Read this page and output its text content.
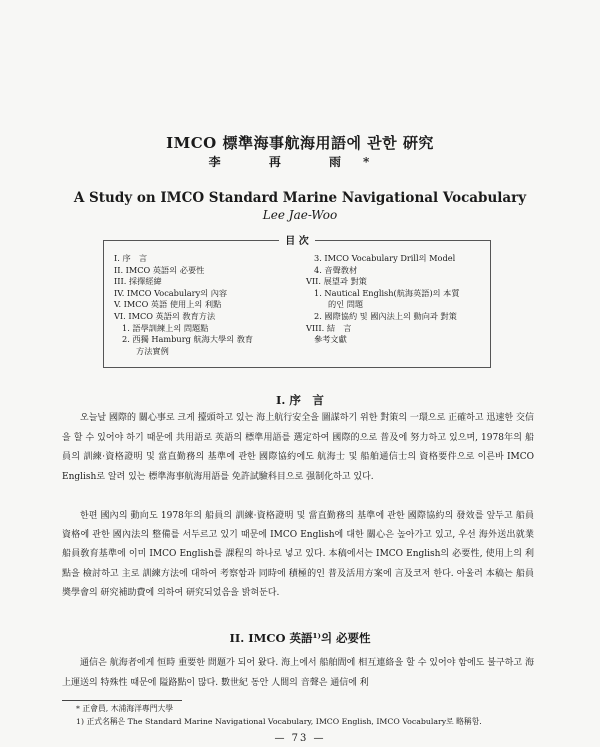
IMCO 標準海事航海用語에 관한 硏究
李 再 雨*
A Study on IMCO Standard Marine Navigational Vocabulary
Lee Jae-Woo
目 次
I. 序　言
II. IMCO 英語의 必要性
III. 採擇經緯
IV. IMCO Vocabulary의 內容
V. IMCO 英語 使用上의 利點
VI. IMCO 英語의 敎育方法
1. 語學訓練上의 問題點
2. 西獨 Hamburg 航海大學의 敎育
方法實例
3. IMCO Vocabulary Drill의 Model
4. 音聲敎材
VII. 展望과 對策
1. Nautical English(航海英語)의 本質
的인 問題
2. 國際協約 및 國內法上의 動向과 對策
VIII. 結　言
參考文獻
I. 序　言

오늘날 國際的 關心事로 크게 擡頭하고 있는 海上航行安全을 圖謀하기 위한 對策의 一環으로 正確하고 迅速한 交信을 할 수 있어야 하기 때문에 共用語로 英語의 標準用語를 選定하여 國際的으로 普及에 努力하고 있으며, 1978年의 船員의 訓練·資格證明 및 當直勤務의 基準에 관한 國際協約에도 航海士 및 船舶通信士의 資格要件으로 이른바 IMCO English로 알려 있는 標準海事航海用語를 免許試驗科目으로 强制化하고 있다.

한편 國內의 動向도 1978年의 船員의 訓練·資格證明 및 當直勤務의 基準에 관한 國際協約의 發效를 앞두고 船員資格에 관한 國內法의 整備를 서두르고 있기 때문에 IMCO English에 대한 關心은 높아가고 있고, 우선 海外送出就業 船員敎育基準에 이미 IMCO English를 課程의 하나로 넣고 있다. 本稿에서는 IMCO English의 必要性, 使用上의 利點을 檢討하고 主로 訓練方法에 대하여 考察함과 同時에 積極的인 普及活用方案에 言及코저 한다. 아울러 本稿는 船員奬學會의 研究補助費에 의하여 研究되었음을 밝혀둔다.

II. IMCO 英語¹⁾의 必要性

通信은 航海者에게 恒時 重要한 問題가 되어 왔다. 海上에서 船舶間에 相互連絡을 할 수 있어야 함에도 불구하고 海上運送의 特殊性 때문에 隘路點이 많다. 數世紀 동안 人間의 音聲은 通信에 利

* 正會員, 木浦海洋專門大學
1) 正式名稱은 The Standard Marine Navigational Vocabulary, IMCO English, IMCO Vocabulary로 略稱함.
— 73 —
